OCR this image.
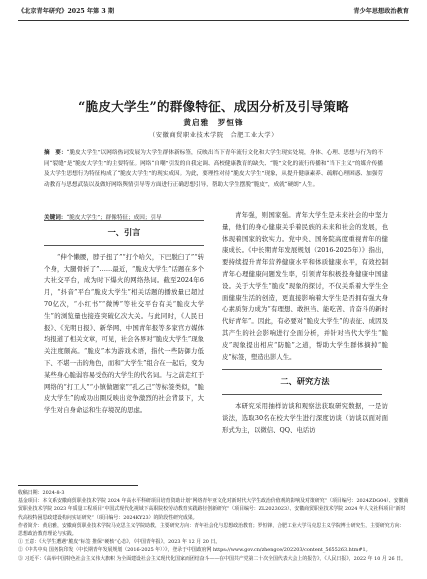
《北京青年研究》2025 年第 3 期	青少年思想政治教育
“脆皮大学生”的群像特征、成因分析及引导策略
黄启雅　罗恒锋
（安徽商贸职业技术学院　合肥工业大学）
摘　要：“脆皮大学生”以网络热词发展为大学生群体新标签，反映出当下青年流行文化和大学生现实处境，身体、心理、思想与行为的不同“裂缝”是“脆皮大学生”的主要特征。网络“自嘲”引发的自我定调、高校健康教育的缺失、“脆”文化的流行传播和“当下主义”的媒介传播及大学生思想行为特征构成了“脆皮大学生”的现实成因。为此，要理性对待“脆皮大学生”现象，从提升健康素养、疏解心理困惑、加强劳动教育与思想武装以及做好网络舆情引导等方面进行正确思想引导，帮助大学生摆脱“脆皮”，成就“硬朗”人生。
关键词：“脆皮大学生”；群像特征；成因；引导
一、引言

“伸个懒腰，脖子扭了”“打个哈欠，下巴脱臼了”“转个身，大腿骨折了”……最近，“脆皮大学生”话题在多个大社交平台，成为时下爆火的网络热词。截至2024年6月，“抖音”平台“脆皮大学生”相关话题的播放量已超过70亿次，“小红书”“微博”等社交平台有关“脆皮大学生”的浏览量也接连突破亿次大关。与此同时，《人民日报》、《光明日报》、新华网、中国青年报等多家官方媒体均报道了相关文章，可见，社会各界对“脆皮大学生”现象关注度颇高。“脆皮”本为游戏术语，指代一些防御力低下、不堪一击的角色，而和“大学生”组合在一起后，变为某些身心脆弱容易受伤的大学生的代名词。与之前走红于网络的“打工人”“小镇做题家”“孔乙己”等标签类似，“脆皮大学生”的成功出圈反映出竞争激烈的社会背景下，大学生对自身命运和生存境况的思虑。

青年强，则国家强。青年大学生是未来社会的中坚力量，他们的身心健康关乎着民族的未来和社会的发展，也体现着国家的软实力。党中央、国务院高度重视青年的健康成长。《中长期青年发展规划（2016-2025年）》指出，要持续提升青年营养健康水平和体质健康水平，有效控制青年心理健康问题发生率，引领青年积极投身健康中国建设。关于大学生“脆皮”现象的探讨，不仅关系着大学生全面健康生活的创造，更直接影响着大学生是否拥有强大身心素质努力成为“有理想、敢担当、能吃苦、肯奋斗的新时代好青年”。因此，有必要对“脆皮大学生”的表征、成因及其产生的社会影响进行全面分析，并针对当代大学生“脆皮”现象提出相应“防脆”之道，帮助大学生群体摘掉“脆皮”标签，塑造出影人生。

二、研究方法

本研究采用抽样访谈和观察法获取研究数据，一是访谈法，选取30名在校大学生进行深度访谈（访谈以面对面形式为主，以微信、QQ、电话访

收稿日期：2024-8-3
基金项目：本文系安徽商贸职业技术学院 2024 年高水平科研项目培育资助计划“网络青年亚文化对新时代大学生政治价值观的影响及对策研究”（项目编号：2024ZDG04）、安徽商贸职业技术学院 2023 年质量工程项目“中国式现代化视域下高职院校劳动教育实践路径创新研究”（项目编号：ZL2023023）、安徽商贸职业技术学院 2024 年人文社科项目“新时代高校特困思政建设构问实证研究”（项目编号：2024KY23）的阶段性研究成果。
作者简介：黄启雅，安徽商贸职业技术学院马克思主义学院助教，主要研究方向：青年社会化与思想政治教育；罗恒锋，合肥工业大学马克思主义学院博士研究生，主要研究方向：思想政治教育理论与实践。
① 王意：《大学生遭遇“脆皮”标签 推保“硬核”心态》，《中国青年报》，2023 年 12 月 20 日。
②《中共中央 国务院印发〈中长期青年发展规划（2016-2025 年）〉》，登录于中国政府网 https://www.gov.cn/zhengce/202203/content_5655263.htm#1。
③ 习近平：《高举中国特色社会主义伟大旗帜 为全面建设社会主义现代化国家而团结奋斗——在中国共产党第二十次全国代表大会上的报告》，《人民日报》，2022 年 10 月 26 日。
